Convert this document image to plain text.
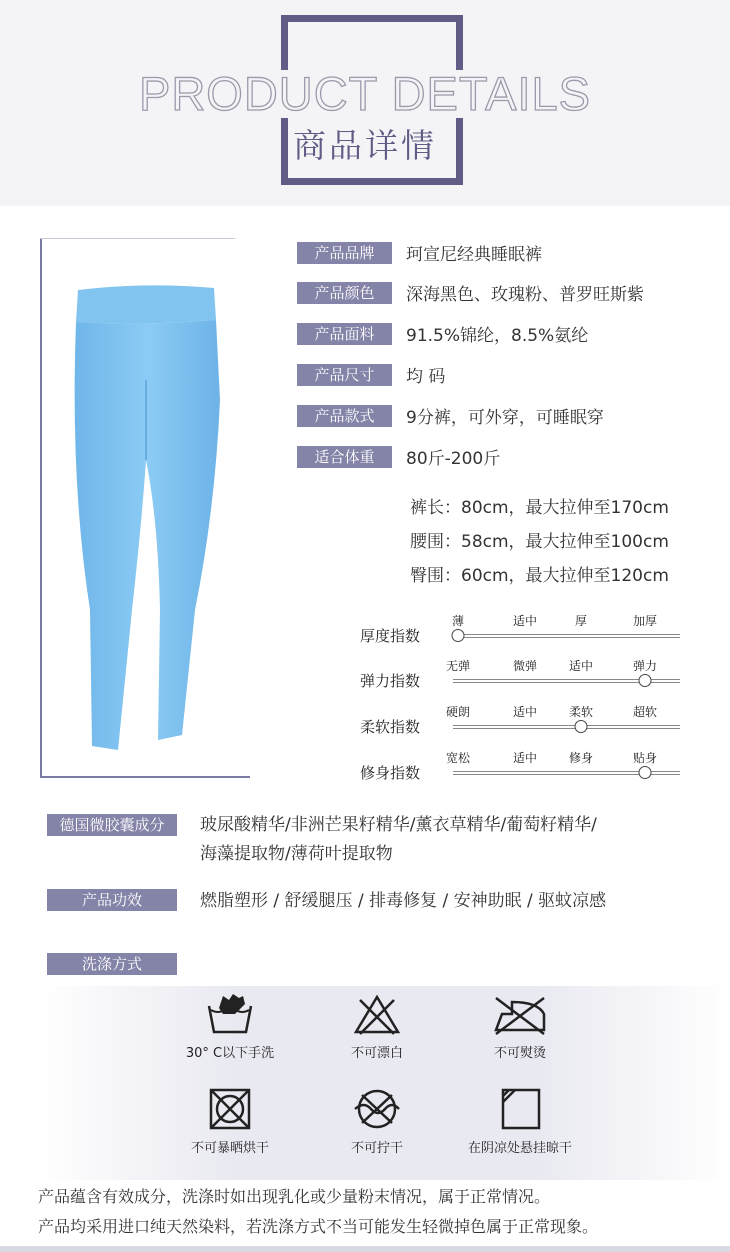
PRODUCT DETAILS
商品详情
产品品牌 珂宣尼经典睡眠裤
产品颜色 深海黑色、玫瑰粉、普罗旺斯紫
产品面料 91.5%锦纶，8.5%氨纶
产品尺寸 均 码
产品款式 9分裤，可外穿，可睡眠穿
适合体重 80斤-200斤
裤长：80cm，最大拉伸至170cm
腰围：58cm，最大拉伸至100cm
臀围：60cm，最大拉伸至120cm
厚度指数
薄	适中	厚	加厚
弹力指数
无弹	微弹	适中	弹力
柔软指数
硬朗	适中	柔软	超软
修身指数
宽松	适中	修身	贴身
德国微胶囊成分	玻尿酸精华/非洲芒果籽精华/薰衣草精华/葡萄籽精华/
海藻提取物/薄荷叶提取物
产品功效	燃脂塑形 / 舒缓腿压 / 排毒修复 / 安神助眠 / 驱蚊凉感
洗涤方式
30° C以下手洗	不可漂白	不可熨烫
不可暴晒烘干	不可拧干	在阴凉处悬挂晾干
产品蕴含有效成分，洗涤时如出现乳化或少量粉末情况，属于正常情况。
产品均采用进口纯天然染料，若洗涤方式不当可能发生轻微掉色属于正常现象。
